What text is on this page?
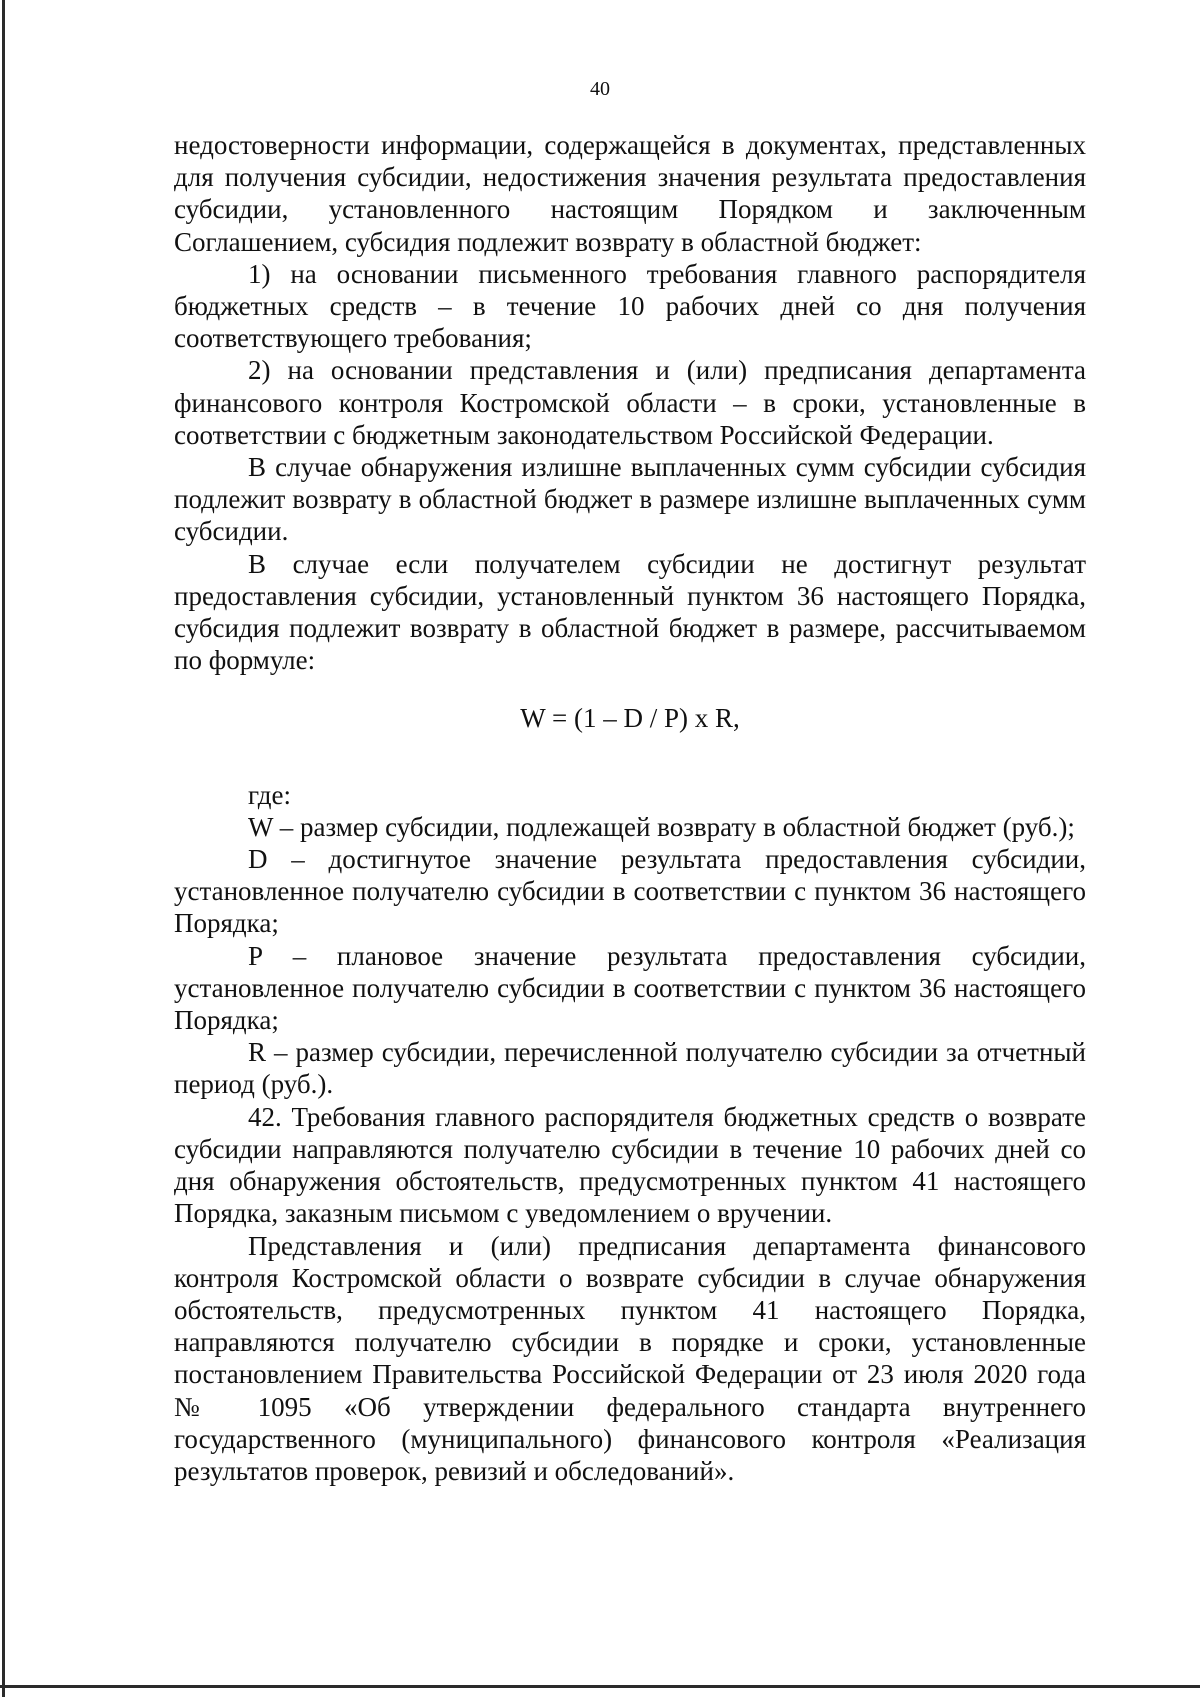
40

недостоверности информации, содержащейся в документах, представленных для получения субсидии, недостижения значения результата предоставления субсидии, установленного настоящим Порядком и заключенным Соглашением, субсидия подлежит возврату в областной бюджет:

1) на основании письменного требования главного распорядителя бюджетных средств – в течение 10 рабочих дней со дня получения соответствующего требования;

2) на основании представления и (или) предписания департамента финансового контроля Костромской области – в сроки, установленные в соответствии с бюджетным законодательством Российской Федерации.

В случае обнаружения излишне выплаченных сумм субсидии субсидия подлежит возврату в областной бюджет в размере излишне выплаченных сумм субсидии.

В случае если получателем субсидии не достигнут результат предоставления субсидии, установленный пунктом 36 настоящего Порядка, субсидия подлежит возврату в областной бюджет в размере, рассчитываемом по формуле:

W = (1 – D / P) x R,

где:

W – размер субсидии, подлежащей возврату в областной бюджет (руб.);

D – достигнутое значение результата предоставления субсидии, установленное получателю субсидии в соответствии с пунктом 36 настоящего Порядка;

P – плановое значение результата предоставления субсидии, установленное получателю субсидии в соответствии с пунктом 36 настоящего Порядка;

R – размер субсидии, перечисленной получателю субсидии за отчетный период (руб.).

42. Требования главного распорядителя бюджетных средств о возврате субсидии направляются получателю субсидии в течение 10 рабочих дней со дня обнаружения обстоятельств, предусмотренных пунктом 41 настоящего Порядка, заказным письмом с уведомлением о вручении.

Представления и (или) предписания департамента финансового контроля Костромской области о возврате субсидии в случае обнаружения обстоятельств, предусмотренных пунктом 41 настоящего Порядка, направляются получателю субсидии в порядке и сроки, установленные постановлением Правительства Российской Федерации от 23 июля 2020 года № 1095 «Об утверждении федерального стандарта внутреннего государственного (муниципального) финансового контроля «Реализация результатов проверок, ревизий и обследований».
